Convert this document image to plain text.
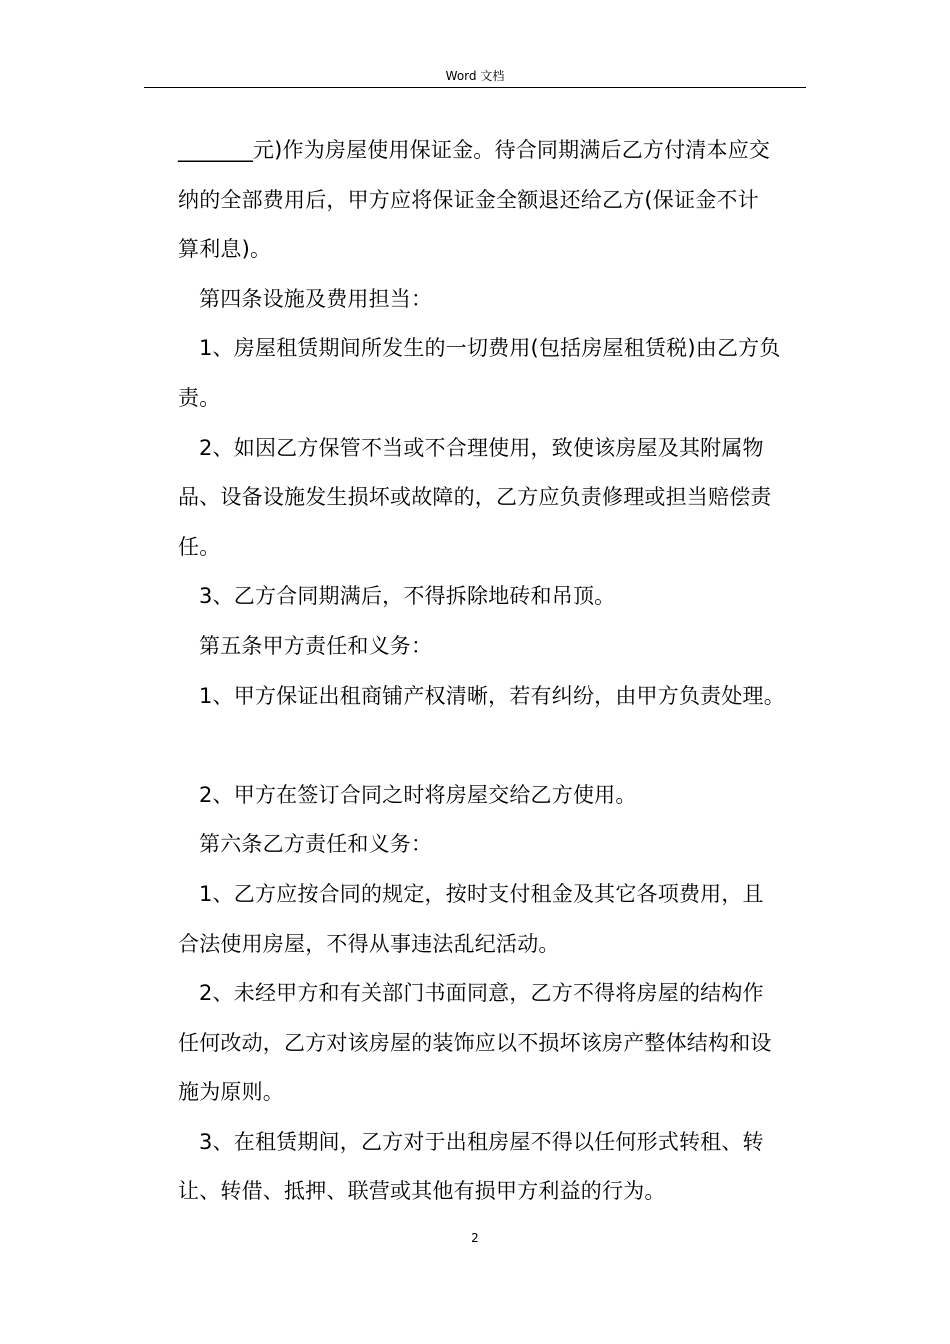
Word 文档
_______元)作为房屋使用保证金。待合同期满后乙方付清本应交
纳的全部费用后，甲方应将保证金全额退还给乙方(保证金不计
算利息)。
第四条设施及费用担当：
1、房屋租赁期间所发生的一切费用(包括房屋租赁税)由乙方负
责。
2、如因乙方保管不当或不合理使用，致使该房屋及其附属物
品、设备设施发生损坏或故障的，乙方应负责修理或担当赔偿责
任。
3、乙方合同期满后，不得拆除地砖和吊顶。
第五条甲方责任和义务：
1、甲方保证出租商铺产权清晰，若有纠纷，由甲方负责处理。
2、甲方在签订合同之时将房屋交给乙方使用。
第六条乙方责任和义务：
1、乙方应按合同的规定，按时支付租金及其它各项费用，且
合法使用房屋，不得从事违法乱纪活动。
2、未经甲方和有关部门书面同意，乙方不得将房屋的结构作
任何改动，乙方对该房屋的装饰应以不损坏该房产整体结构和设
施为原则。
3、在租赁期间，乙方对于出租房屋不得以任何形式转租、转
让、转借、抵押、联营或其他有损甲方利益的行为。
2
